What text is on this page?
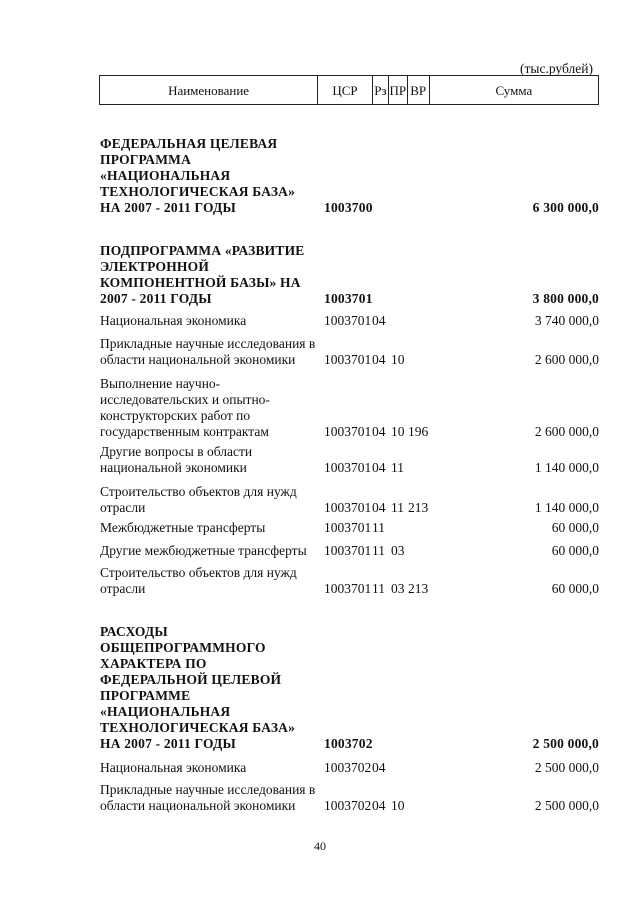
(тыс.рублей)
Наименование	ЦСР	Рз ПР ВР	Сумма
ФЕДЕРАЛЬНАЯ ЦЕЛЕВАЯ ПРОГРАММА «НАЦИОНАЛЬНАЯ ТЕХНОЛОГИЧЕСКАЯ БАЗА» НА 2007 - 2011 ГОДЫ	1003700	6 300 000,0
ПОДПРОГРАММА «РАЗВИТИЕ ЭЛЕКТРОННОЙ КОМПОНЕНТНОЙ БАЗЫ» НА 2007 - 2011 ГОДЫ	1003701	3 800 000,0
Национальная экономика	1003701 04	3 740 000,0
Прикладные научные исследования в области национальной экономики	1003701 04 10	2 600 000,0
Выполнение научно-исследовательских и опытно-конструкторских работ по государственным контрактам	1003701 04 10 196	2 600 000,0
Другие вопросы в области национальной экономики	1003701 04 11	1 140 000,0
Строительство объектов для нужд отрасли	1003701 04 11 213	1 140 000,0
Межбюджетные трансферты	1003701 11	60 000,0
Другие межбюджетные трансферты	1003701 11 03	60 000,0
Строительство объектов для нужд отрасли	1003701 11 03 213	60 000,0
РАСХОДЫ ОБЩЕПРОГРАММНОГО ХАРАКТЕРА ПО ФЕДЕРАЛЬНОЙ ЦЕЛЕВОЙ ПРОГРАММЕ «НАЦИОНАЛЬНАЯ ТЕХНОЛОГИЧЕСКАЯ БАЗА» НА 2007 - 2011 ГОДЫ	1003702	2 500 000,0
Национальная экономика	1003702 04	2 500 000,0
Прикладные научные исследования в области национальной экономики	1003702 04 10	2 500 000,0
40
